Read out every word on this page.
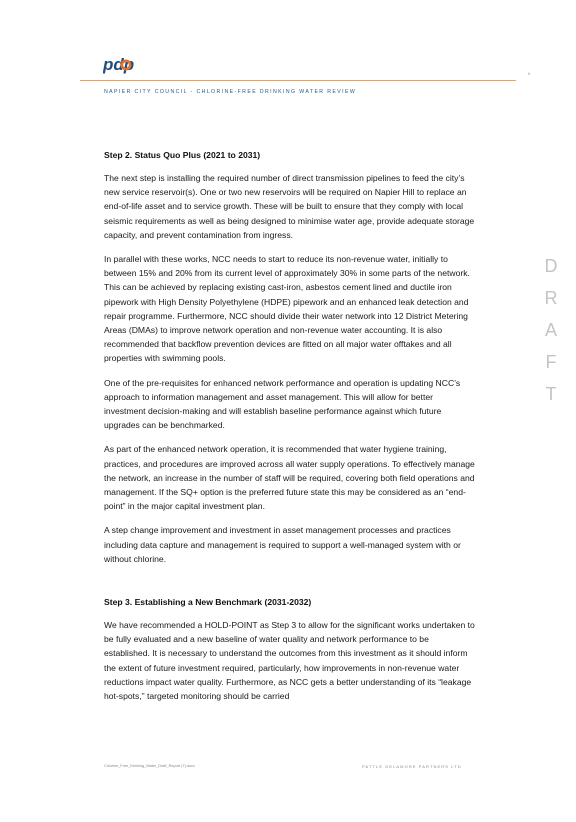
pdp	6
NAPIER CITY COUNCIL - CHLORINE-FREE DRINKING WATER REVIEW
Step 2. Status Quo Plus (2021 to 2031)

The next step is installing the required number of direct transmission pipelines to feed the city’s new service reservoir(s). One or two new reservoirs will be required on Napier Hill to replace an end-of-life asset and to service growth. These will be built to ensure that they comply with local seismic requirements as well as being designed to minimise water age, provide adequate storage capacity, and prevent contamination from ingress.

In parallel with these works, NCC needs to start to reduce its non-revenue water, initially to between 15% and 20% from its current level of approximately 30% in some parts of the network. This can be achieved by replacing existing cast-iron, asbestos cement lined and ductile iron pipework with High Density Polyethylene (HDPE) pipework and an enhanced leak detection and repair programme. Furthermore, NCC should divide their water network into 12 District Metering Areas (DMAs) to improve network operation and non-revenue water accounting. It is also recommended that backflow prevention devices are fitted on all major water offtakes and all properties with swimming pools.

One of the pre-requisites for enhanced network performance and operation is updating NCC’s approach to information management and asset management. This will allow for better investment decision-making and will establish baseline performance against which future upgrades can be benchmarked.

As part of the enhanced network operation, it is recommended that water hygiene training, practices, and procedures are improved across all water supply operations. To effectively manage the network, an increase in the number of staff will be required, covering both field operations and management. If the SQ+ option is the preferred future state this may be considered as an “end-point” in the major capital investment plan.

A step change improvement and investment in asset management processes and practices including data capture and management is required to support a well-managed system with or without chlorine.

Step 3. Establishing a New Benchmark (2031-2032)

We have recommended a HOLD-POINT as Step 3 to allow for the significant works undertaken to be fully evaluated and a new baseline of water quality and network performance to be established. It is necessary to understand the outcomes from this investment as it should inform the extent of future investment required, particularly, how improvements in non-revenue water reductions impact water quality. Furthermore, as NCC gets a better understanding of its “leakage hot-spots,” targeted monitoring should be carried

D
R
A
F
T
Chlorine_Free_Drinking_Water_Draft_Report (7).docx	PATTLE DELAMORE PARTNERS LTD
